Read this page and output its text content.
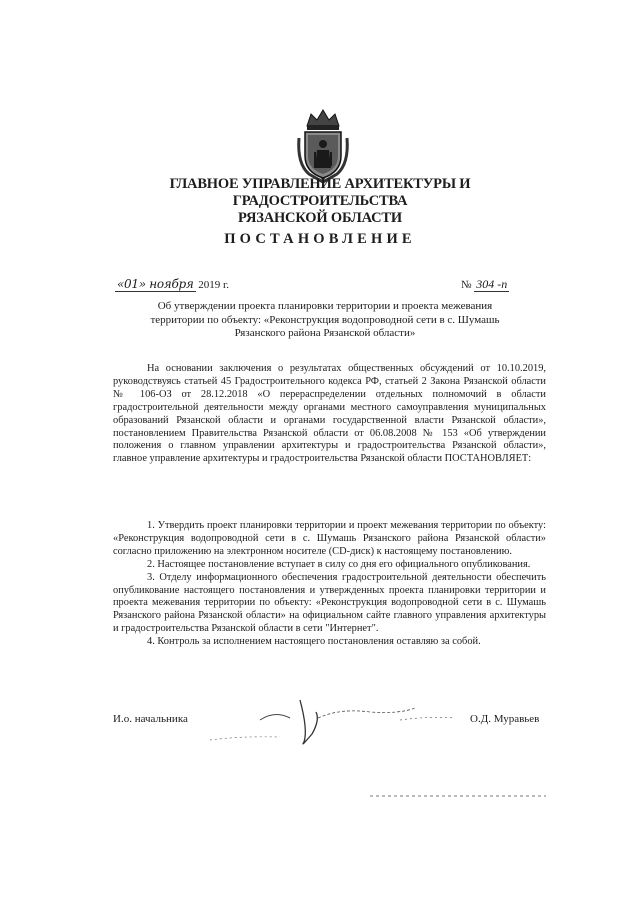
ГЛАВНОЕ УПРАВЛЕНИЕ АРХИТЕКТУРЫ И ГРАДОСТРОИТЕЛЬСТВА
РЯЗАНСКОЙ ОБЛАСТИ
ПОСТАНОВЛЕНИЕ
«01» ноября 2019 г.	№ 304 -п
Об утверждении проекта планировки территории и проекта межевания
территории по объекту: «Реконструкция водопроводной сети в с. Шумашь
Рязанского района Рязанской области»

На основании заключения о результатах общественных обсуждений от 10.10.2019, руководствуясь статьей 45 Градостроительного кодекса РФ, статьей 2 Закона Рязанской области № 106-ОЗ от 28.12.2018 «О перераспределении отдельных полномочий в области градостроительной деятельности между органами местного самоуправления муниципальных образований Рязанской области и органами государственной власти Рязанской области», постановлением Правительства Рязанской области от 06.08.2008 № 153 «Об утверждении положения о главном управлении архитектуры и градостроительства Рязанской области», главное управление архитектуры и градостроительства Рязанской области ПОСТАНОВЛЯЕТ:

1. Утвердить проект планировки территории и проект межевания территории по объекту: «Реконструкция водопроводной сети в с. Шумашь Рязанского района Рязанской области» согласно приложению на электронном носителе (CD-диск) к настоящему постановлению.

2. Настоящее постановление вступает в силу со дня его официального опубликования.

3. Отделу информационного обеспечения градостроительной деятельности обеспечить опубликование настоящего постановления и утвержденных проекта планировки территории и проекта межевания территории по объекту: «Реконструкция водопроводной сети в с. Шумашь Рязанского района Рязанской области» на официальном сайте главного управления архитектуры и градостроительства Рязанской области в сети "Интернет".

4. Контроль за исполнением настоящего постановления оставляю за собой.

И.о. начальника	О.Д. Муравьев
